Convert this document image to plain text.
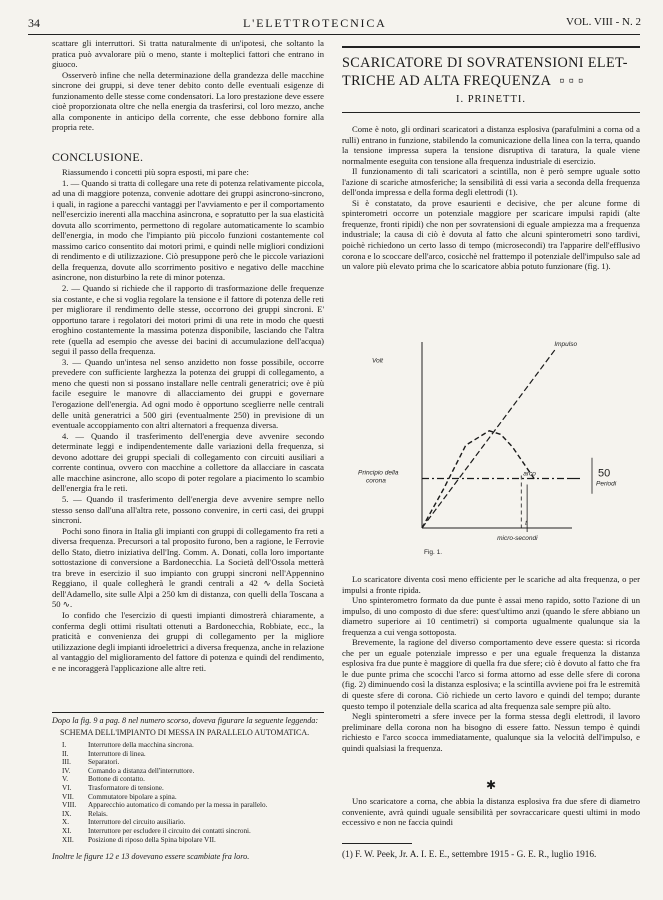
34	L'ELETTROTECNICA	VOL. VIII - N. 2

scattare gli interruttori. Si tratta naturalmente di un'ipotesi, che soltanto la pratica può avvalorare più o meno, stante i molteplici fattori che entrano in giuoco.

Osserverò infine che nella determinazione della grandezza delle macchine sincrone dei gruppi, si deve tener debito conto delle eventuali esigenze di funzionamento delle stesse come condensatori. La loro prestazione deve essere cioè proporzionata oltre che nella energia da trasferirsi, col loro mezzo, anche alla componente in anticipo della corrente, che esse debbono fornire alla propria rete.

CONCLUSIONE.

Riassumendo i concetti più sopra esposti, mi pare che:

1. — Quando si tratta di collegare una rete di potenza relativamente piccola, ad una di maggiore potenza, convenie adottare dei gruppi asincrono-sincrono, i quali, in ragione a parecchi vantaggi per l'avviamento e per il comportamento nell'esercizio inerenti alla macchina asincrona, e sopratutto per la sua elasticità dovuta allo scorrimento, permettono di regolare automaticamente lo scambio dell'energia, in modo che l'impianto più piccolo funzioni costantemente col massimo carico consentito dai motori primi, e quindi nelle migliori condizioni di rendimento e di utilizzazione. Ciò presuppone però che le piccole variazioni della frequenza, dovute allo scorrimento positivo e negativo delle macchine asincrone, non disturbino la rete di minor potenza.

2. — Quando si richiede che il rapporto di trasformazione delle frequenze sia costante, e che si voglia regolare la tensione e il fattore di potenza delle reti per migliorare il rendimento delle stesse, occorrono dei gruppi sincroni. E' opportuno tarare i regolatori dei motori primi di una rete in modo che questi eroghino costantemente la massima potenza disponibile, lasciando che l'altra rete (quella ad esempio che avesse dei bacini di accumulazione dell'acqua) segui il passo della frequenza.

3. — Quando un'intesa nel senso anzidetto non fosse possibile, occorre prevedere con sufficiente larghezza la potenza dei gruppi di collegamento, a meno che questi non si possano installare nelle centrali generatrici; ove è più facile eseguire le manovre di allacciamento dei gruppi e governare l'erogazione dell'energia. Ad ogni modo è opportuno sceglierre nelle centrali delle unità generatrici a 500 giri (eventualmente 250) in previsione di un eventuale accoppiamento con altri alternatori a frequenza diversa.

4. — Quando il trasferimento dell'energia deve avvenire secondo determinate leggi e indipendentemente dalle variazioni della frequenza, si devono adottare dei gruppi speciali di collegamento con circuiti ausiliari a corrente continua, ovvero con macchine a collettore da allacciare in cascata alle macchine asincrone, allo scopo di poter regolare a piacimento lo scambio dell'energia fra le reti.

5. — Quando il trasferimento dell'energia deve avvenire sempre nello stesso senso dall'una all'altra rete, possono convenire, in certi casi, dei gruppi sincroni.

Pochi sono finora in Italia gli impianti con gruppi di collegamento fra reti a diversa frequenza. Precursori a tal proposito furono, ben a ragione, le Ferrovie dello Stato, dietro iniziativa dell'Ing. Comm. A. Donati, colla loro importante sottostazione di conversione a Bardonecchia. La Società dell'Ossola metterà tra breve in esercizio il suo impianto con gruppi sincroni nell'Appennino Reggiano, il quale collegherà le grandi centrali a 42 ∿ della Società dell'Adamello, site sulle Alpi a 250 km di distanza, con quelli della Toscana a 50 ∿.

Io confido che l'esercizio di questi impianti dimostrerà chiaramente, a conferma degli ottimi risultati ottenuti a Bardonecchia, Robbiate, ecc., la praticità e convenienza dei gruppi di collegamento per la migliore utilizzazione degli impianti idroelettrici a diversa frequenza, anche in relazione al vantaggio del miglioramento del fattore di potenza e quindi del rendimento, e ne incoraggerà l'applicazione alle altre reti.

Dopo la fig. 9 a pag. 8 nel numero scorso, doveva figurare la seguente leggenda:
SCHEMA DELL'IMPIANTO DI MESSA IN PARALLELO AUTOMATICA.
I.	Interruttore della macchina sincrona.
II.	Interruttore di linea.
III. Separatori.
IV. Comando a distanza dell'interruttore.
V.	Bottone di contatto.
VI. Trasformatore di tensione.
VII. Commutatore bipolare a spina.
VIII. Apparecchio automatico di comando per la messa in parallelo.
IX. Relais.
X.	Interruttore del circuito ausiliario.
XI. Interruttore per escludere il circuito dei contatti sincroni.
XII. Posizione di riposo della Spina bipolare VII.
Inoltre le figure 12 e 13 dovevano essere scambiate fra loro.
SCARICATORE DI SOVRATENSIONI ELET-
TRICHE AD ALTA FREQUENZA ▫ ▫ ▫
I. PRINETTI.

Come è noto, gli ordinari scaricatori a distanza esplosiva (parafulmini a corna od a rulli) entrano in funzione, stabilendo la comunicazione della linea con la terra, quando la tensione impressa supera la tensione disruptiva di taratura, la quale viene normalmente eseguita con tensione alla frequenza industriale di esercizio.

Il funzionamento di tali scaricatori a scintilla, non è però sempre uguale sotto l'azione di scariche atmosferiche; la sensibilità di essi varia a seconda della frequenza dell'onda impressa e della forma degli elettrodi (1).

Si è constatato, da prove esaurienti e decisive, che per alcune forme di spinterometri occorre un potenziale maggiore per scaricare impulsi rapidi (alte frequenze, fronti ripidi) che non per sovratensioni di eguale ampiezza ma a frequenza industriale; la causa di ciò è dovuta al fatto che alcuni spinterometri sono tardivi, poichè richiedono un certo lasso di tempo (microsecondi) tra l'apparire dell'efflusivo corona e lo scoccare dell'arco, cosicchè nel frattempo il potenziale dell'impulso sale ad un valore più elevato prima che lo scaricatore abbia potuto funzionare (fig. 1).

Volt
Impulso
Principio della
corona
arco	50
Periodi
t
micro-secondi
Fig. 1.

Lo scaricatore diventa così meno efficiente per le scariche ad alta frequenza, o per impulsi a fronte ripida.

Uno spinterometro formato da due punte è assai meno rapido, sotto l'azione di un impulso, di uno composto di due sfere: quest'ultimo anzi (quando le sfere abbiano un diametro superiore ai 10 centimetri) si comporta ugualmente qualunque sia la frequenza a cui venga sottoposta.

Brevemente, la ragione del diverso comportamento deve essere questa: si ricorda che per un eguale potenziale impresso e per una eguale frequenza la distanza esplosiva fra due punte è maggiore di quella fra due sfere; ciò è dovuto al fatto che fra le due punte prima che scocchi l'arco si forma attorno ad esse delle sfere di corona (fig. 2) diminuendo così la distanza esplosiva; e la scintilla avviene poi fra le estremità di queste sfere di corona. Ciò richiede un certo lavoro e quindi del tempo; durante questo tempo il potenziale della scarica ad alta frequenza sale sempre più alto.

Negli spinterometri a sfere invece per la forma stessa degli elettrodi, il lavoro preliminare della corona non ha bisogno di essere fatto. Nessun tempo è quindi richiesto e l'arco scocca immediatamente, qualunque sia la velocità dell'impulso, e quindi qualsiasi la frequenza.

✱

Uno scaricatore a corna, che abbia la distanza esplosiva fra due sfere di diametro conveniente, avrà quindi uguale sensibilità per sovraccaricare questi ultimi in modo eccessivo e non ne faccia quindi

(1) F. W. Peek, Jr. A. I. E. E., settembre 1915 - G. E. R., luglio 1916.
